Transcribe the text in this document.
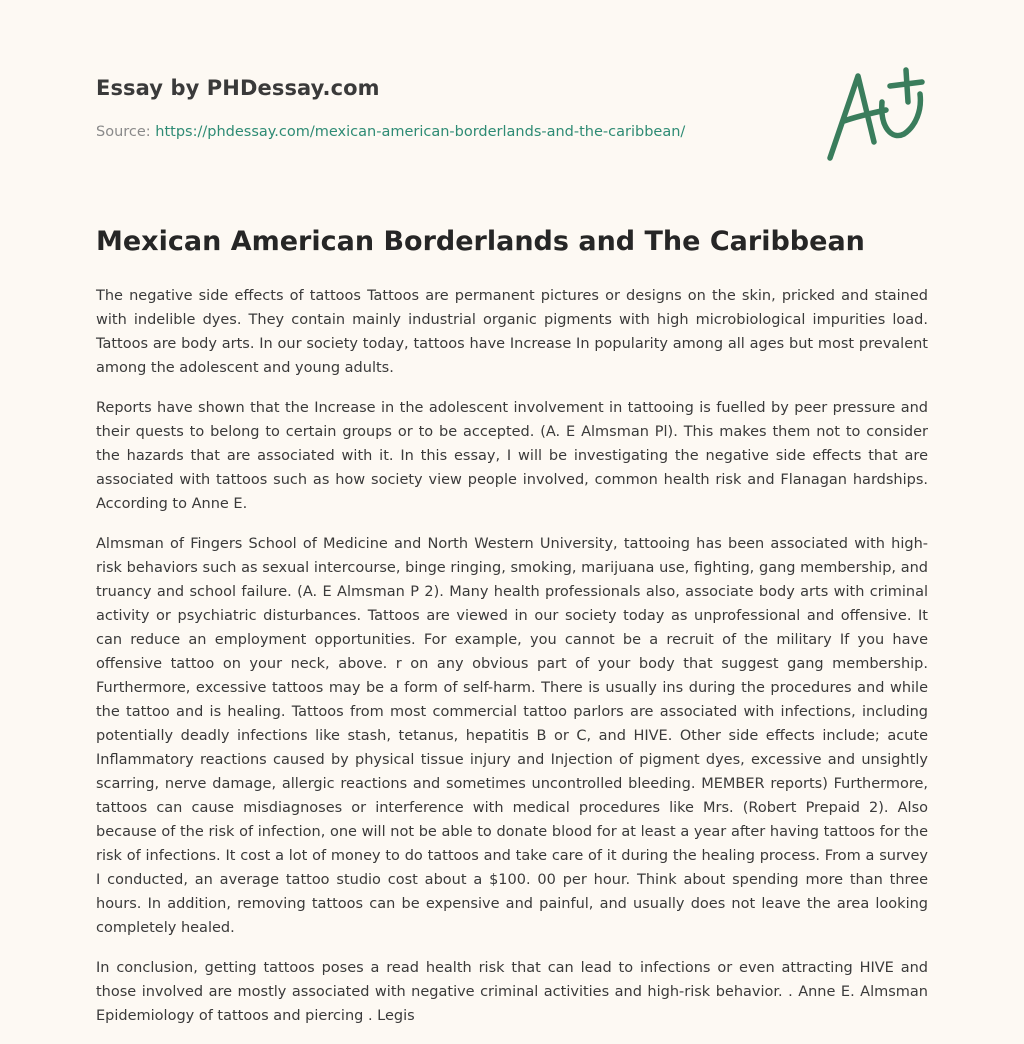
Essay by PHDessay.com
Source: https://phdessay.com/mexican-american-borderlands-and-the-caribbean/
Mexican American Borderlands and The Caribbean

The negative side effects of tattoos Tattoos are permanent pictures or designs on the skin, pricked and stained with indelible dyes. They contain mainly industrial organic pigments with high microbiological impurities load. Tattoos are body arts. In our society today, tattoos have Increase In popularity among all ages but most prevalent among the adolescent and young adults.

Reports have shown that the Increase in the adolescent involvement in tattooing is fuelled by peer pressure and their quests to belong to certain groups or to be accepted. (A. E Almsman Pl). This makes them not to consider the hazards that are associated with it. In this essay, I will be investigating the negative side effects that are associated with tattoos such as how society view people involved, common health risk and Flanagan hardships. According to Anne E.

Almsman of Fingers School of Medicine and North Western University, tattooing has been associated with high-risk behaviors such as sexual intercourse, binge ringing, smoking, marijuana use, fighting, gang membership, and truancy and school failure. (A. E Almsman P 2). Many health professionals also, associate body arts with criminal activity or psychiatric disturbances. Tattoos are viewed in our society today as unprofessional and offensive. It can reduce an employment opportunities. For example, you cannot be a recruit of the military If you have offensive tattoo on your neck, above. r on any obvious part of your body that suggest gang membership. Furthermore, excessive tattoos may be a form of self-harm. There is usually ins during the procedures and while the tattoo and is healing. Tattoos from most commercial tattoo parlors are associated with infections, including potentially deadly infections like stash, tetanus, hepatitis B or C, and HIVE. Other side effects include; acute Inflammatory reactions caused by physical tissue injury and Injection of pigment dyes, excessive and unsightly scarring, nerve damage, allergic reactions and sometimes uncontrolled bleeding. MEMBER reports) Furthermore, tattoos can cause misdiagnoses or interference with medical procedures like Mrs. (Robert Prepaid 2). Also because of the risk of infection, one will not be able to donate blood for at least a year after having tattoos for the risk of infections. It cost a lot of money to do tattoos and take care of it during the healing process. From a survey I conducted, an average tattoo studio cost about a $100. 00 per hour. Think about spending more than three hours. In addition, removing tattoos can be expensive and painful, and usually does not leave the area looking completely healed.

In conclusion, getting tattoos poses a read health risk that can lead to infections or even attracting HIVE and those involved are mostly associated with negative criminal activities and high-risk behavior. . Anne E. Almsman Epidemiology of tattoos and piercing . Legis
